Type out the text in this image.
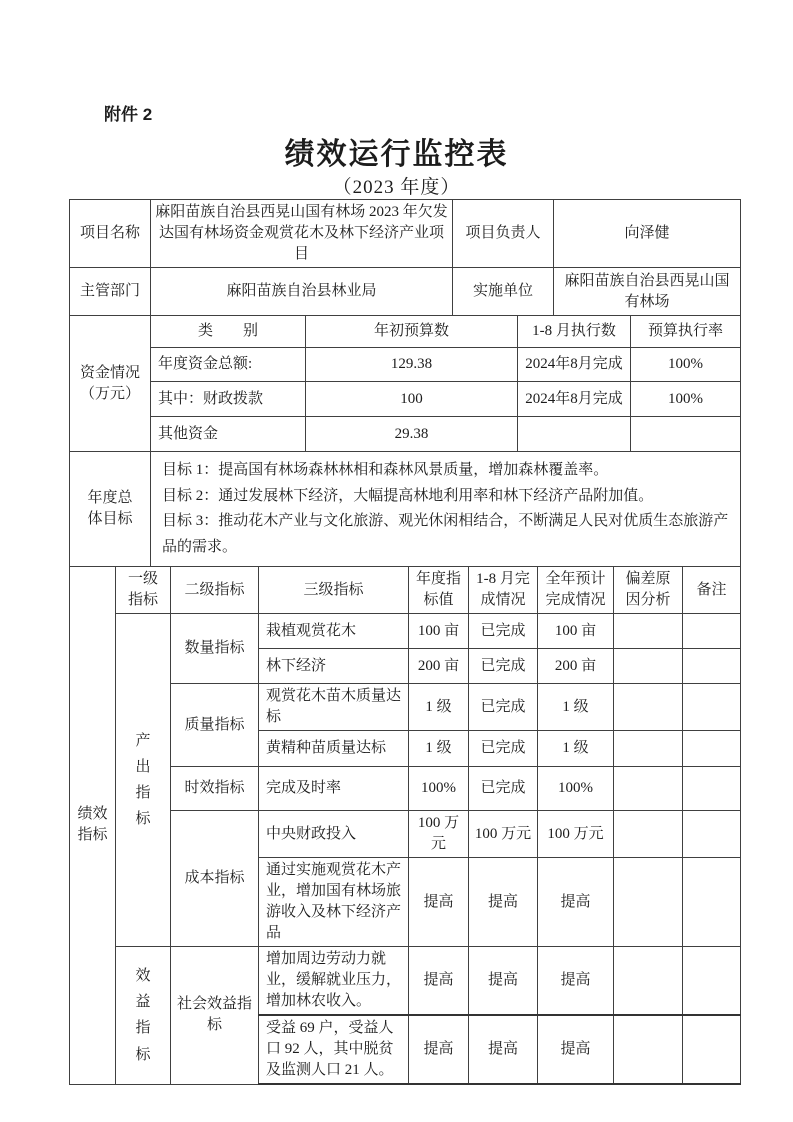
附件 2
绩效运行监控表
（2023 年度）
项目名称	麻阳苗族自治县西晃山国有林场 2023 年欠发达国有林场资金观赏花木及林下经济产业项目	项目负责人	向泽健
主管部门	麻阳苗族自治县林业局	实施单位	麻阳苗族自治县西晃山国有林场
资金情况（万元）	类　　别	年初预算数	1-8 月执行数	预算执行率
	年度资金总额:	129.38	2024年8月完成	100%
	其中：财政拨款	100	2024年8月完成	100%
	其他资金	29.38		
年度总体目标	
目标 1：提高国有林场森林林相和森林风景质量，增加森林覆盖率。
目标 2：通过发展林下经济，大幅提高林地利用率和林下经济产品附加值。
目标 3：推动花木产业与文化旅游、观光休闲相结合，不断满足人民对优质生态旅游产品的需求。
绩效指标	一级指标	二级指标	三级指标	年度指标值	1-8 月完成情况	全年预计完成情况	偏差原因分析	备注
	产出指标	数量指标	栽植观赏花木	100 亩	已完成	100 亩		
			林下经济	200 亩	已完成	200 亩		
		质量指标	观赏花木苗木质量达标	1 级	已完成	1 级		
			黄精种苗质量达标	1 级	已完成	1 级		
		时效指标	完成及时率	100%	已完成	100%		
		成本指标	中央财政投入	100 万元	100 万元	100 万元		
			通过实施观赏花木产业，增加国有林场旅游收入及林下经济产品	提高	提高	提高		
	效益指标	社会效益指标	增加周边劳动力就业，缓解就业压力，增加林农收入。	提高	提高	提高		
			受益 69 户，受益人口 92 人，其中脱贫及监测人口 21 人。	提高	提高	提高		
